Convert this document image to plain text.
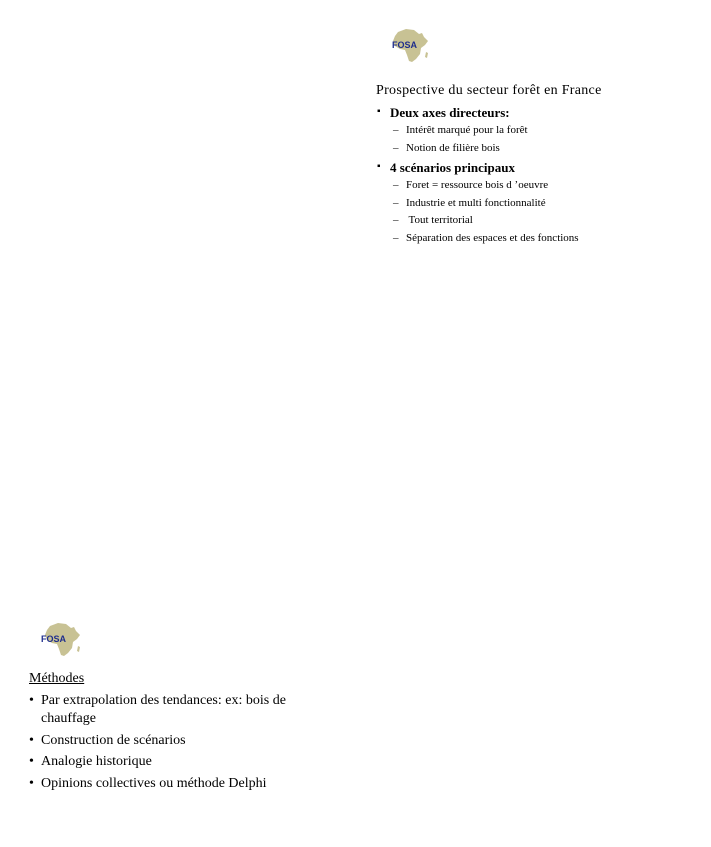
FOSA
Prospective du secteur forêt en France
▪ Deux axes directeurs:
– Intérêt marqué pour la forêt
– Notion de filière bois
▪ 4 scénarios principaux
– Foret = ressource bois d ’oeuvre
– Industrie et multi fonctionnalité
– Tout territorial
– Séparation des espaces et des fonctions
FOSA
Méthodes
• Par extrapolation des tendances: ex: bois de chauffage
• Construction de scénarios
• Analogie historique
• Opinions collectives ou méthode Delphi
